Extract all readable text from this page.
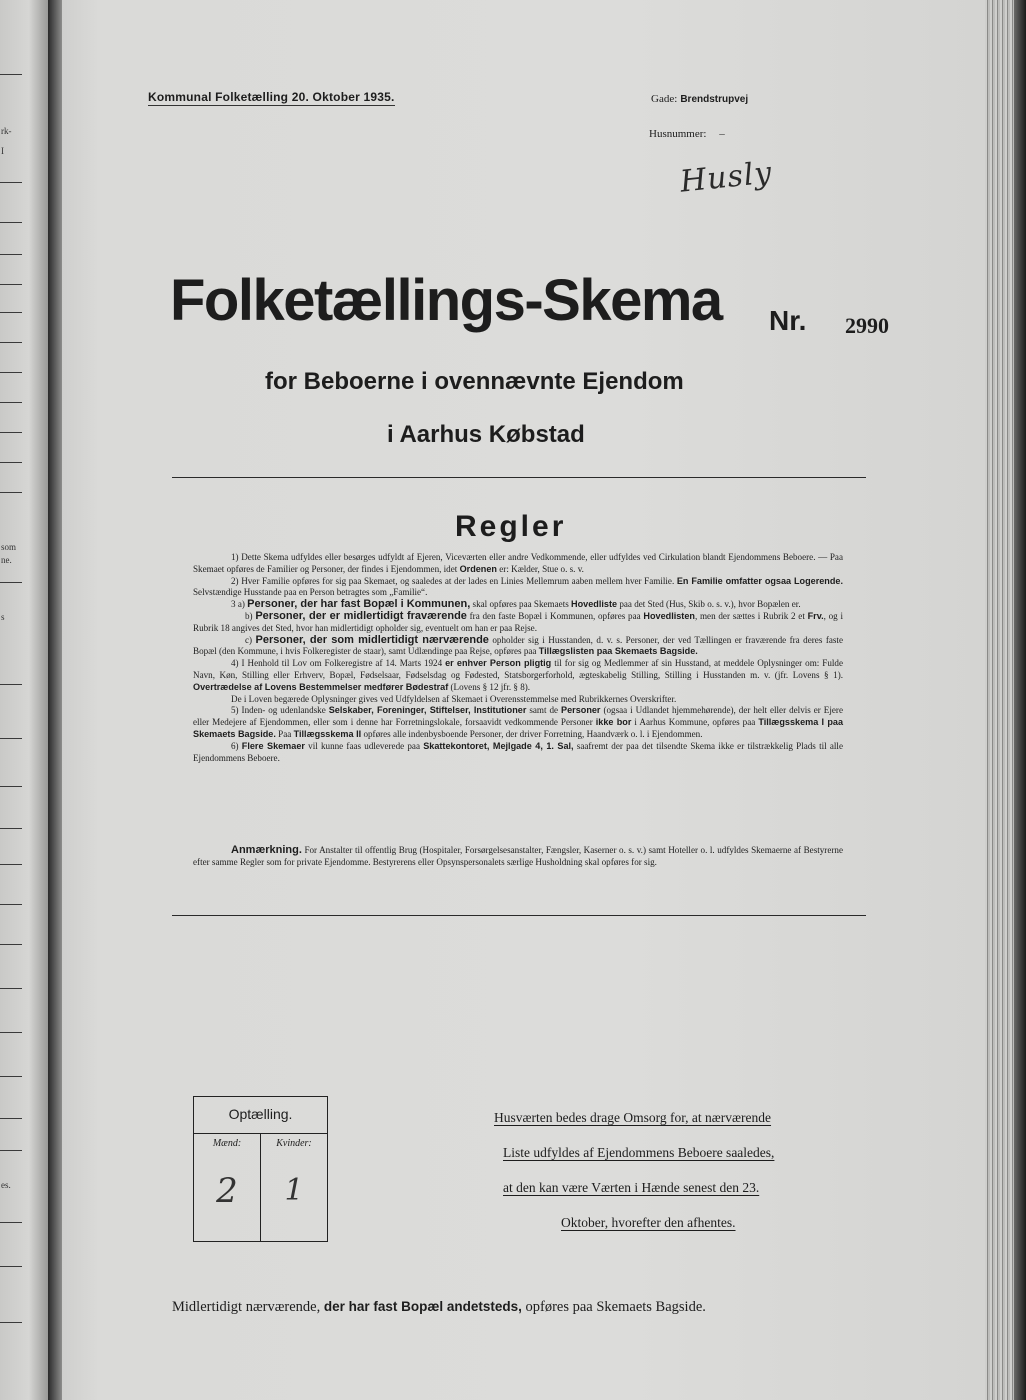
rk-
I
som
ne.
s
es.
Kommunal Folketælling 20. Oktober 1935.	Gade: Brendstrupvej
Husnummer: –
Husly
Folketællings-Skema Nr. 2990
for Beboerne i ovennævnte Ejendom
i Aarhus Købstad
Regler

1) Dette Skema udfyldes eller besørges udfyldt af Ejeren, Viceværten eller andre Vedkommende, eller udfyldes ved Cirkulation blandt Ejendommens Beboere. — Paa Skemaet opføres de Familier og Personer, der findes i Ejendommen, idet Ordenen er: Kælder, Stue o. s. v.

2) Hver Familie opføres for sig paa Skemaet, og saaledes at der lades en Linies Mellemrum aaben mellem hver Familie. En Familie omfatter ogsaa Logerende. Selvstændige Husstande paa en Person betragtes som „Familie“.

3 a) Personer, der har fast Bopæl i Kommunen, skal opføres paa Skemaets Hovedliste paa det Sted (Hus, Skib o. s. v.), hvor Bopælen er.

b) Personer, der er midlertidigt fraværende fra den faste Bopæl i Kommunen, opføres paa Hovedlisten, men der sættes i Rubrik 2 et Frv., og i Rubrik 18 angives det Sted, hvor han midlertidigt opholder sig, eventuelt om han er paa Rejse.

c) Personer, der som midlertidigt nærværende opholder sig i Husstanden, d. v. s. Personer, der ved Tællingen er fraværende fra deres faste Bopæl (den Kommune, i hvis Folkeregister de staar), samt Udlændinge paa Rejse, opføres paa Tillægslisten paa Skemaets Bagside.

4) I Henhold til Lov om Folkeregistre af 14. Marts 1924 er enhver Person pligtig til for sig og Medlemmer af sin Husstand, at meddele Oplysninger om: Fulde Navn, Køn, Stilling eller Erhverv, Bopæl, Fødselsaar, Fødselsdag og Fødested, Statsborgerforhold, ægteskabelig Stilling, Stilling i Husstanden m. v. (jfr. Lovens § 1). Overtrædelse af Lovens Bestemmelser medfører Bødestraf (Lovens § 12 jfr. § 8).

De i Loven begærede Oplysninger gives ved Udfyldelsen af Skemaet i Overensstemmelse med Rubrikkernes Overskrifter.

5) Inden- og udenlandske Selskaber, Foreninger, Stiftelser, Institutioner samt de Personer (ogsaa i Udlandet hjemmehørende), der helt eller delvis er Ejere eller Medejere af Ejendommen, eller som i denne har Forretningslokale, forsaavidt vedkommende Personer ikke bor i Aarhus Kommune, opføres paa Tillægsskema I paa Skemaets Bagside. Paa Tillægsskema II opføres alle indenbysboende Personer, der driver Forretning, Haandværk o. l. i Ejendommen.

6) Flere Skemaer vil kunne faas udleverede paa Skattekontoret, Mejlgade 4, 1. Sal, saafremt der paa det tilsendte Skema ikke er tilstrækkelig Plads til alle Ejendommens Beboere.

Anmærkning. For Anstalter til offentlig Brug (Hospitaler, Forsørgelsesanstalter, Fængsler, Kaserner o. s. v.) samt Hoteller o. l. udfyldes Skemaerne af Bestyrerne efter samme Regler som for private Ejendomme. Bestyrerens eller Opsynspersonalets særlige Husholdning skal opføres for sig.

Optælling.
Mænd:	Kvinder:
2	1
Husværten bedes drage Omsorg for, at nærværende
Liste udfyldes af Ejendommens Beboere saaledes,
at den kan være Værten i Hænde senest den 23.
Oktober, hvorefter den afhentes.
Midlertidigt nærværende, der har fast Bopæl andetsteds, opføres paa Skemaets Bagside.
